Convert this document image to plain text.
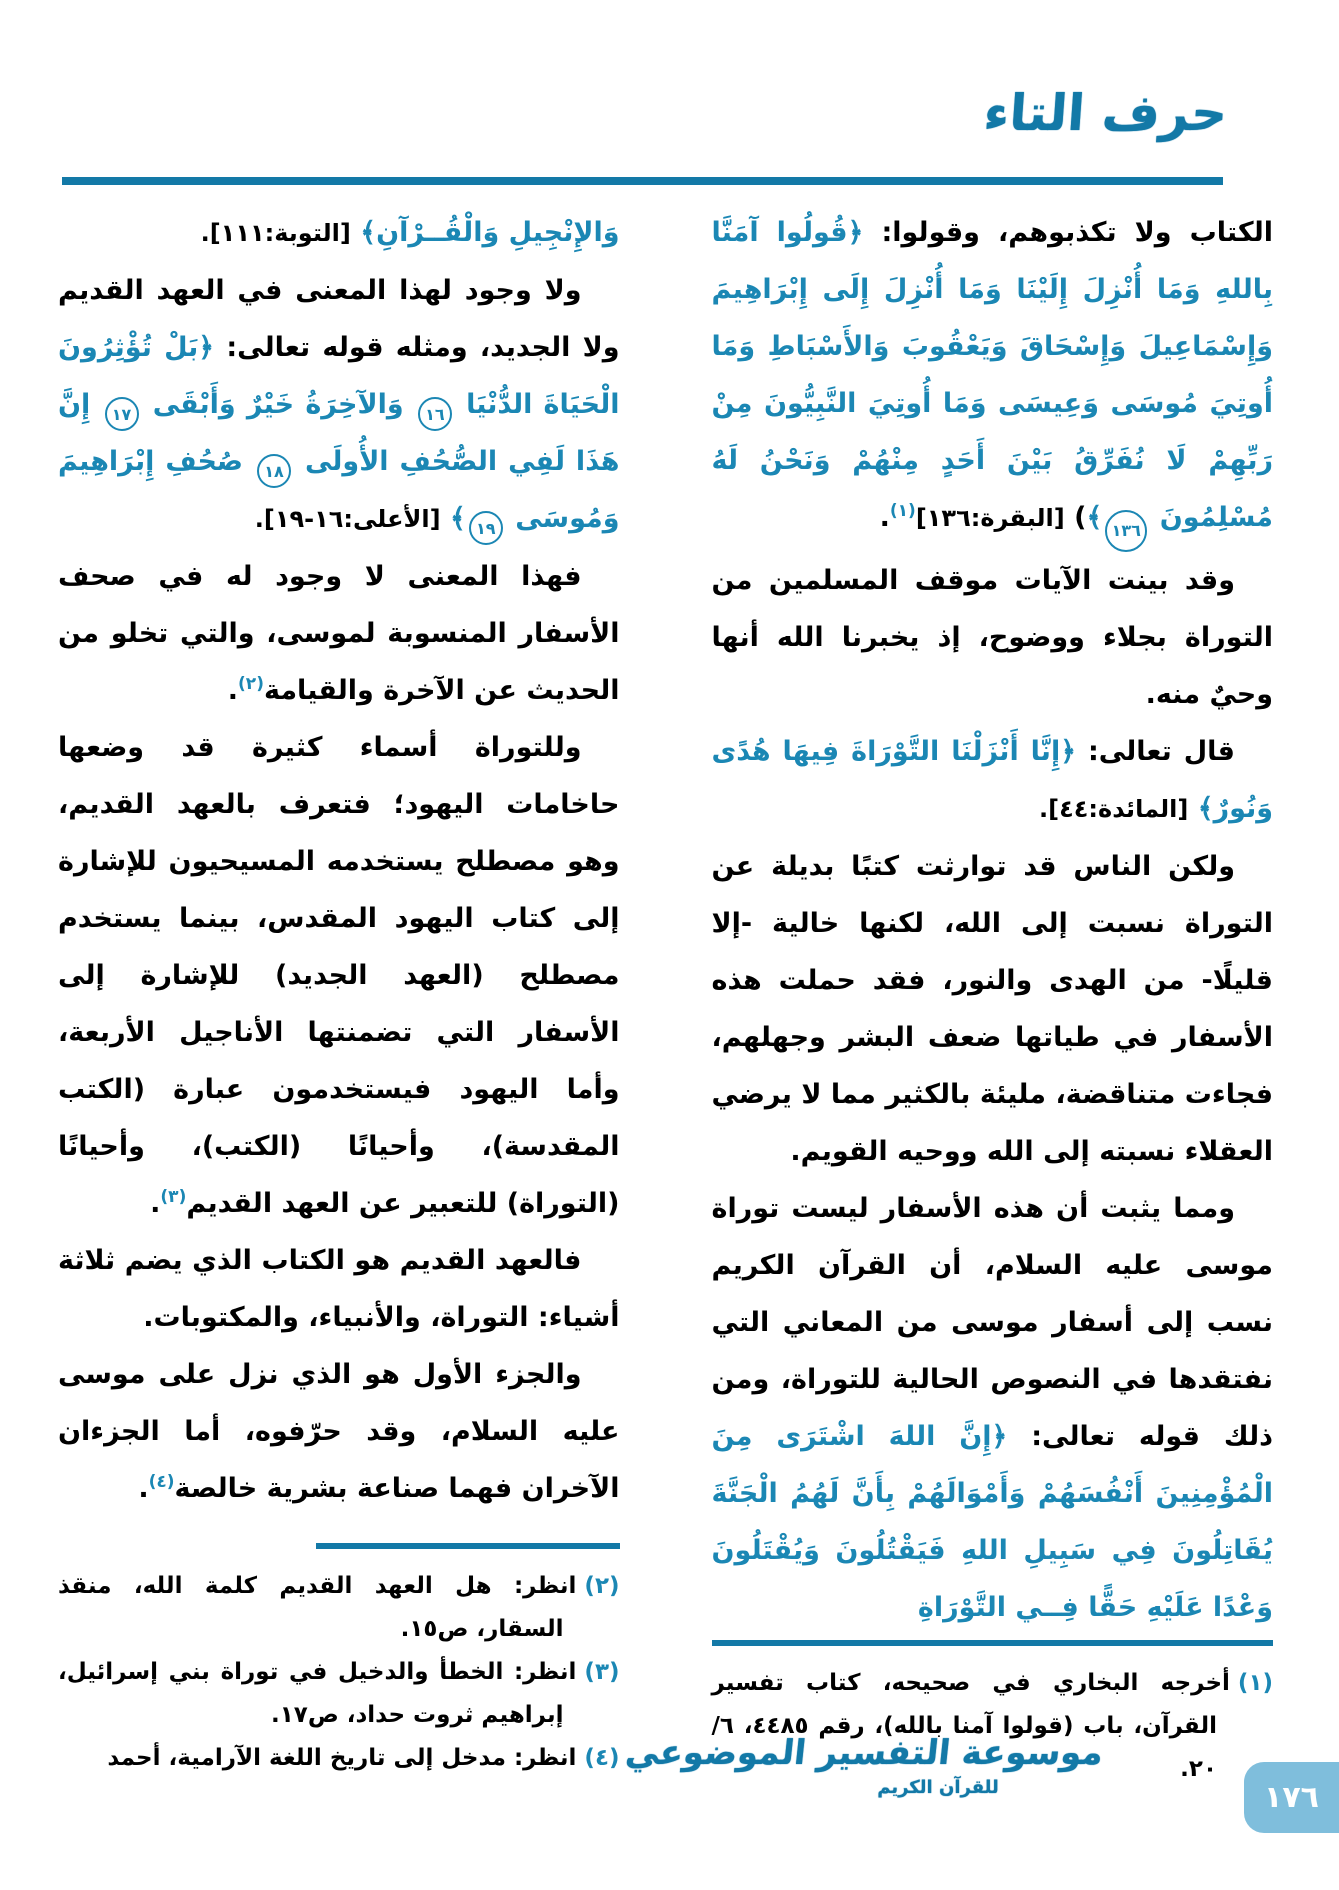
حرف التاء

الكتاب ولا تكذبوهم، وقولوا: ﴿قُولُوا آمَنَّا بِاللهِ وَمَا أُنْزِلَ إِلَيْنَا وَمَا أُنْزِلَ إِلَى إِبْرَاهِيمَ وَإِسْمَاعِيلَ وَإِسْحَاقَ وَيَعْقُوبَ وَالأَسْبَاطِ وَمَا أُوتِيَ مُوسَى وَعِيسَى وَمَا أُوتِيَ النَّبِيُّونَ مِنْ رَبِّهِمْ لَا نُفَرِّقُ بَيْنَ أَحَدٍ مِنْهُمْ وَنَحْنُ لَهُ مُسْلِمُونَ ١٣٦﴾) [البقرة:١٣٦]$^{(١)}$.

وقد بينت الآيات موقف المسلمين من التوراة بجلاء ووضوح، إذ يخبرنا الله أنها وحيٌ منه.

قال تعالى: ﴿إِنَّا أَنْزَلْنَا التَّوْرَاةَ فِيهَا هُدًى وَنُورٌ﴾ [المائدة:٤٤].

ولكن الناس قد توارثت كتبًا بديلة عن التوراة نسبت إلى الله، لكنها خالية -إلا قليلًا- من الهدى والنور، فقد حملت هذه الأسفار في طياتها ضعف البشر وجهلهم، فجاءت متناقضة، مليئة بالكثير مما لا يرضي العقلاء نسبته إلى الله ووحيه القويم.

ومما يثبت أن هذه الأسفار ليست توراة موسى عليه السلام، أن القرآن الكريم نسب إلى أسفار موسى من المعاني التي نفتقدها في النصوص الحالية للتوراة، ومن ذلك قوله تعالى: ﴿إِنَّ اللهَ اشْتَرَى مِنَ الْمُؤْمِنِينَ أَنْفُسَهُمْ وَأَمْوَالَهُمْ بِأَنَّ لَهُمُ الْجَنَّةَ يُقَاتِلُونَ فِي سَبِيلِ اللهِ فَيَقْتُلُونَ وَيُقْتَلُونَ وَعْدًا عَلَيْهِ حَقًّا فِــي التَّوْرَاةِ

(١)أخرجه البخاري في صحيحه، كتاب تفسير القرآن، باب (قولوا آمنا بالله)، رقم ٤٤٨٥، ٦/ ٢٠.

وَالإِنْجِيلِ وَالْقُــرْآنِ﴾ [التوبة:١١١].

ولا وجود لهذا المعنى في العهد القديم ولا الجديد، ومثله قوله تعالى: ﴿بَلْ تُؤْثِرُونَ الْحَيَاةَ الدُّنْيَا ١٦ وَالآخِرَةُ خَيْرٌ وَأَبْقَى ١٧ إِنَّ هَذَا لَفِي الصُّحُفِ الأُولَى ١٨ صُحُفِ إِبْرَاهِيمَ وَمُوسَى ١٩﴾ [الأعلى:١٦-١٩].

فهذا المعنى لا وجود له في صحف الأسفار المنسوبة لموسى، والتي تخلو من الحديث عن الآخرة والقيامة$^{(٢)}$.

وللتوراة أسماء كثيرة قد وضعها حاخامات اليهود؛ فتعرف بالعهد القديم، وهو مصطلح يستخدمه المسيحيون للإشارة إلى كتاب اليهود المقدس، بينما يستخدم مصطلح (العهد الجديد) للإشارة إلى الأسفار التي تضمنتها الأناجيل الأربعة، وأما اليهود فيستخدمون عبارة (الكتب المقدسة)، وأحيانًا (الكتب)، وأحيانًا (التوراة) للتعبير عن العهد القديم$^{(٣)}$.

فالعهد القديم هو الكتاب الذي يضم ثلاثة أشياء: التوراة، والأنبياء، والمكتوبات.

والجزء الأول هو الذي نزل على موسى عليه السلام، وقد حرّفوه، أما الجزءان الآخران فهما صناعة بشرية خالصة$^{(٤)}$.

(٢)انظر: هل العهد القديم كلمة الله، منقذ السقار، ص١٥.
(٣)انظر: الخطأ والدخيل في توراة بني إسرائيل، إبراهيم ثروت حداد، ص١٧.
(٤)انظر: مدخل إلى تاريخ اللغة الآرامية، أحمد	موسوعة التفسير الموضوعي
للقرآن الكريم	١٧٦
